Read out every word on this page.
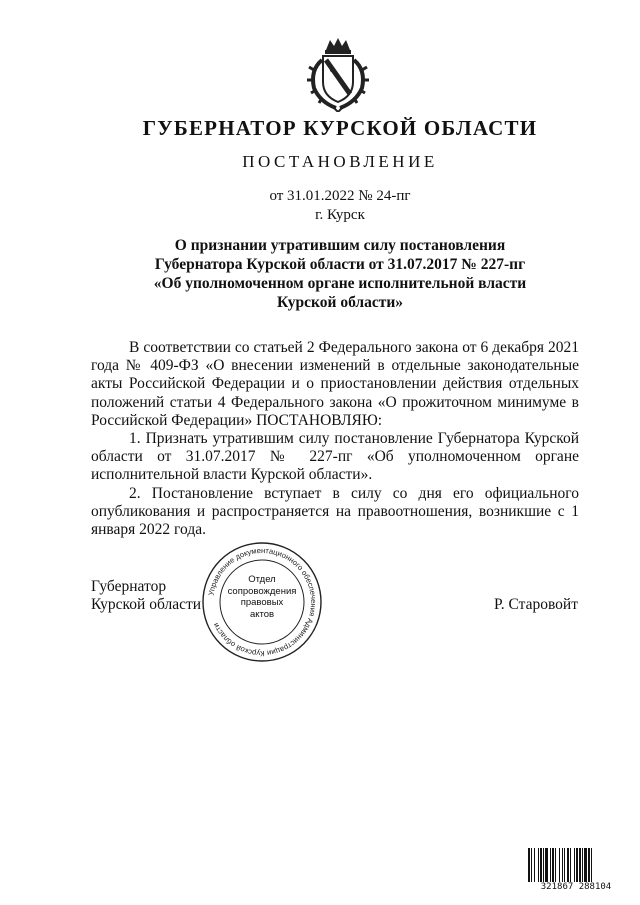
ГУБЕРНАТОР КУРСКОЙ ОБЛАСТИ
ПОСТАНОВЛЕНИЕ
от 31.01.2022 № 24-пг
г. Курск
О признании утратившим силу постановления
Губернатора Курской области от 31.07.2017 № 227-пг
«Об уполномоченном органе исполнительной власти
Курской области»

В соответствии со статьей 2 Федерального закона от 6 декабря 2021 года № 409-ФЗ «О внесении изменений в отдельные законодательные акты Российской Федерации и о приостановлении действия отдельных положений статьи 4 Федерального закона «О прожиточном минимуме в Российской Федерации» ПОСТАНОВЛЯЮ:

1. Признать утратившим силу постановление Губернатора Курской области от 31.07.2017 № 227-пг «Об уполномоченном органе исполнительной власти Курской области».

2. Постановление вступает в силу со дня его официального опубликования и распространяется на правоотношения, возникшие с 1 января 2022 года.

Губернатор
Курской области	Р. Старовойт
Управление документационного обеспечения Администрации Курской области
Отдел
сопровождения
правовых
актов
321867 288104
